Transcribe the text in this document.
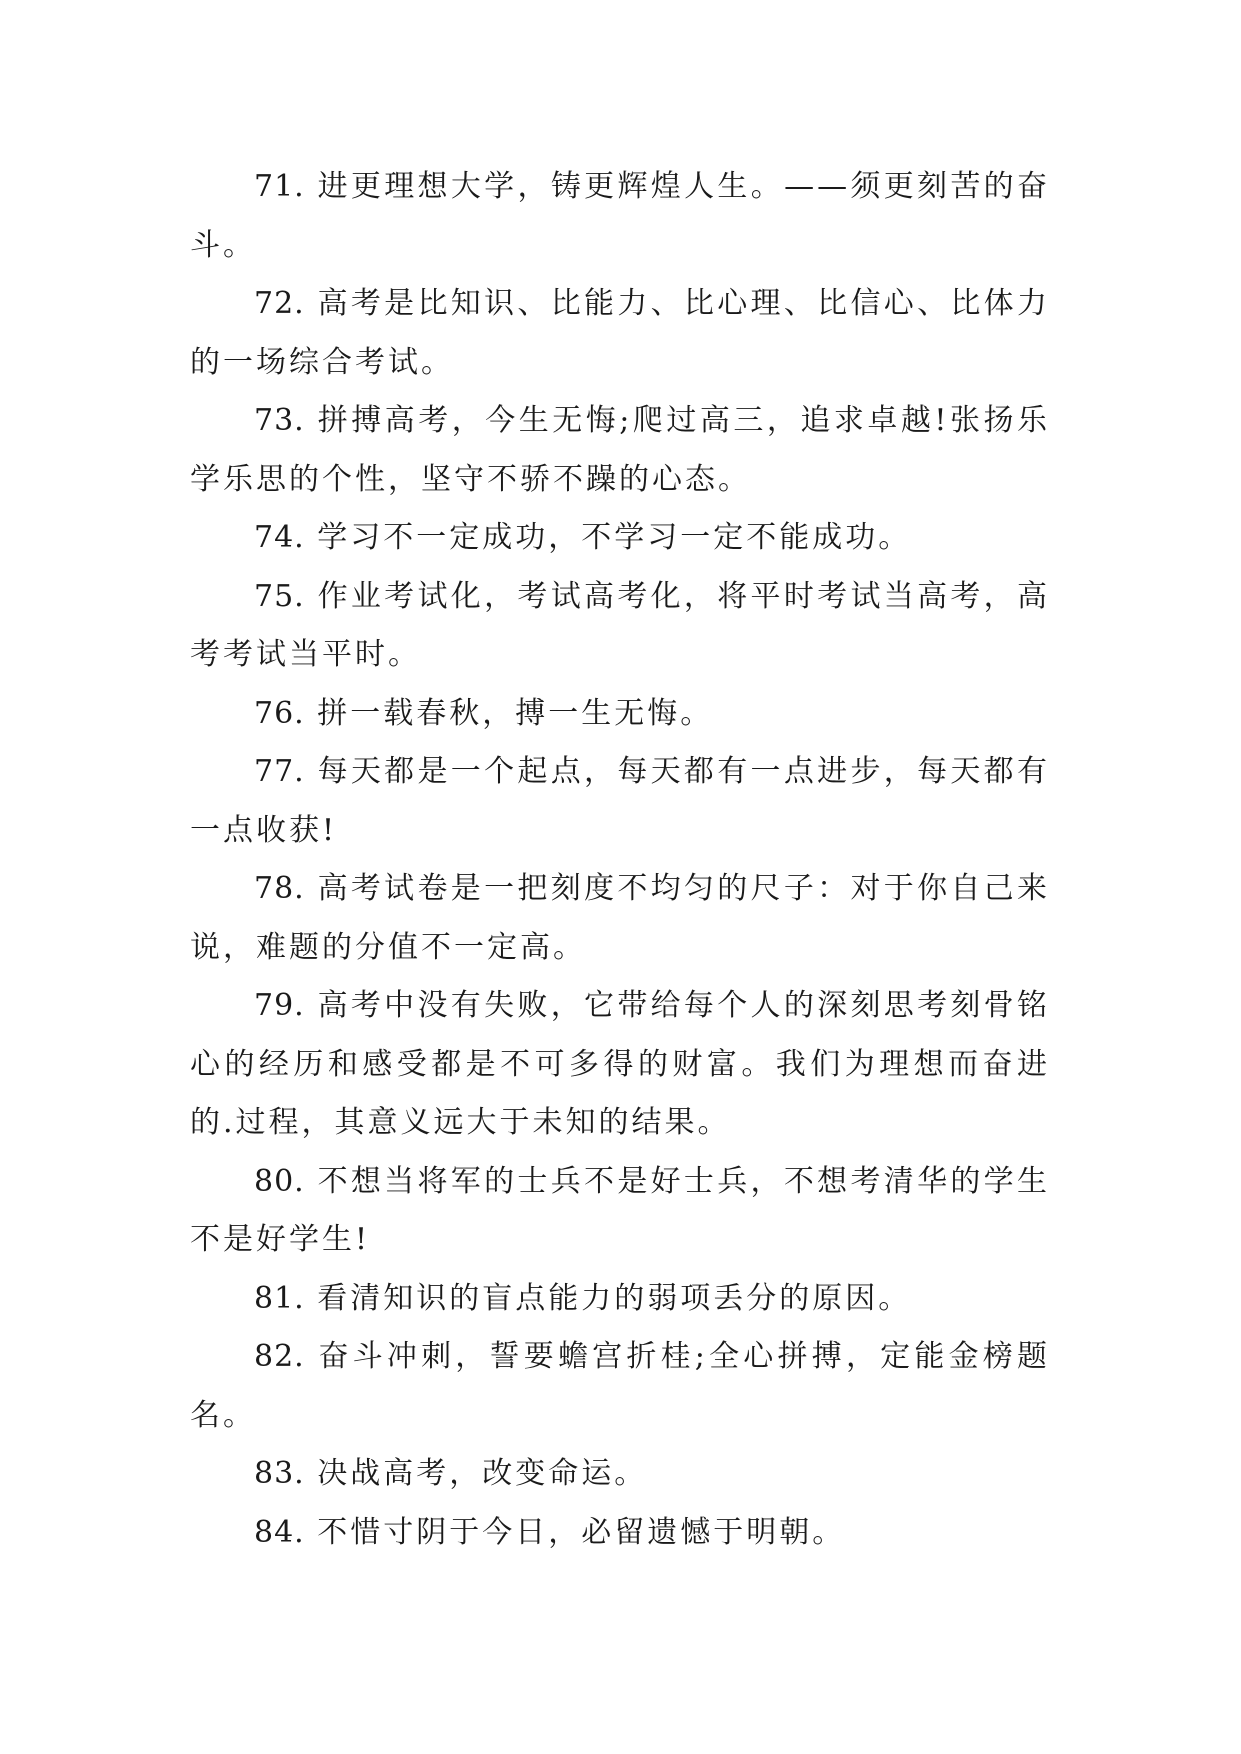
71. 进更理想大学，铸更辉煌人生。——须更刻苦的奋斗。

72. 高考是比知识、比能力、比心理、比信心、比体力的一场综合考试。

73. 拼搏高考，今生无悔;爬过高三，追求卓越!张扬乐学乐思的个性，坚守不骄不躁的心态。

74. 学习不一定成功，不学习一定不能成功。

75. 作业考试化，考试高考化，将平时考试当高考，高考考试当平时。

76. 拼一载春秋，搏一生无悔。

77. 每天都是一个起点，每天都有一点进步，每天都有一点收获!

78. 高考试卷是一把刻度不均匀的尺子：对于你自己来说，难题的分值不一定高。

79. 高考中没有失败，它带给每个人的深刻思考刻骨铭心的经历和感受都是不可多得的财富。我们为理想而奋进的.过程，其意义远大于未知的结果。

80. 不想当将军的士兵不是好士兵，不想考清华的学生不是好学生!

81. 看清知识的盲点能力的弱项丢分的原因。

82. 奋斗冲刺，誓要蟾宫折桂;全心拼搏，定能金榜题名。

83. 决战高考，改变命运。

84. 不惜寸阴于今日，必留遗憾于明朝。
